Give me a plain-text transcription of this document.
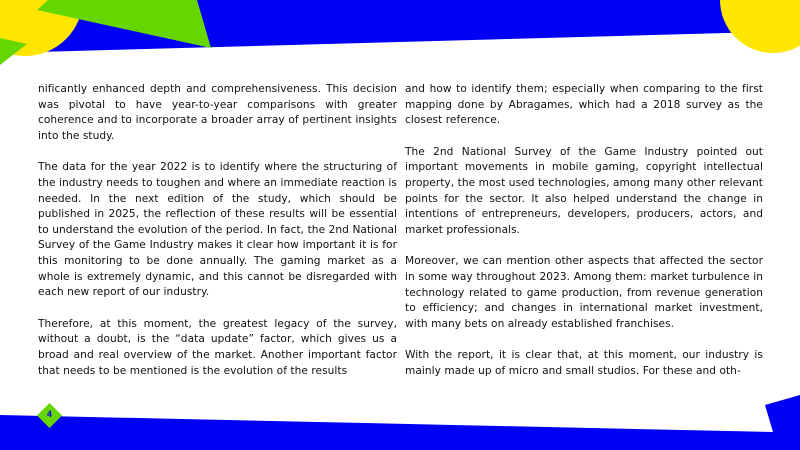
nificantly enhanced depth and comprehensiveness. This decision was pivotal to have year-to-year comparisons with greater coherence and to incorporate a broader array of pertinent insights into the study.

The data for the year 2022 is to identify where the structuring of the industry needs to toughen and where an immediate reaction is needed. In the next edition of the study, which should be published in 2025, the reflection of these results will be essential to understand the evolution of the period. In fact, the 2nd National Survey of the Game Industry makes it clear how important it is for this monitoring to be done annually. The gaming market as a whole is extremely dynamic, and this cannot be disregarded with each new report of our industry.

Therefore, at this moment, the greatest legacy of the survey, without a doubt, is the “data update” factor, which gives us a broad and real overview of the market. Another important factor that needs to be mentioned is the evolution of the results

and how to identify them; especially when comparing to the first mapping done by Abragames, which had a 2018 survey as the closest reference.

The 2nd National Survey of the Game Industry pointed out important movements in mobile gaming, copyright intellectual property, the most used technologies, among many other relevant points for the sector. It also helped understand the change in intentions of entrepreneurs, developers, producers, actors, and market professionals.

Moreover, we can mention other aspects that affected the sector in some way throughout 2023. Among them: market turbulence in technology related to game production, from revenue generation to efficiency; and changes in international market investment, with many bets on already established franchises.

With the report, it is clear that, at this moment, our industry is mainly made up of micro and small studios. For these and oth-

4
